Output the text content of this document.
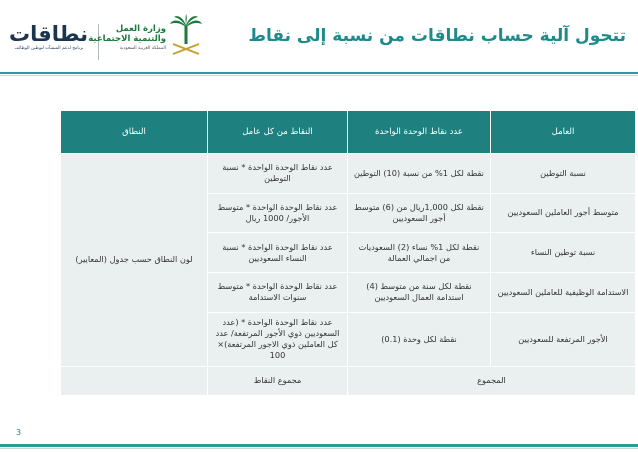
تتحول آلية حساب نطاقات من نسبة إلى نقاط
نطاقات
برنامج لدعم المنشآت لتوطين الوظائف
وزارة العمل
والتنمية الاجتماعية
المملكة العربية السعودية
العامل	عدد نقاط الوحدة الواحدة	النقاط من كل عامل	النطاق
نسبة التوطين	نقطة لكل 1% من نسبة (10) التوطين	عدد نقاط الوحدة الواحدة * نسبة التوطين	لون النطاق حسب جدول (المعايير)
متوسط أجور العاملين السعوديين	نقطة لكل 1,000ريال من (6) متوسط أجور السعوديين	عدد نقاط الوحدة الواحدة * متوسط الأجور/ 1000 ريال	
نسبة توطين النساء	نقطة لكل 1% نساء (2) السعوديات من اجمالي العمالة	عدد نقاط الوحدة الواحدة * نسبة النساء السعوديين	
الاستدامة الوظيفية للعاملين السعوديين	نقطة لكل سنة من متوسط (4) استدامة العمال السعوديين	عدد نقاط الوحدة الواحدة * متوسط سنوات الاستدامة	
الأجور المرتفعة للسعوديين	نقطة لكل وحدة (0.1)	عدد نقاط الوحدة الواحدة * (عدد السعوديين ذوي الأجور المرتفعة/ عدد كل العاملين ذوي الاجور المرتفعة)× 100	
المجموع		مجموع النقاط	
3
